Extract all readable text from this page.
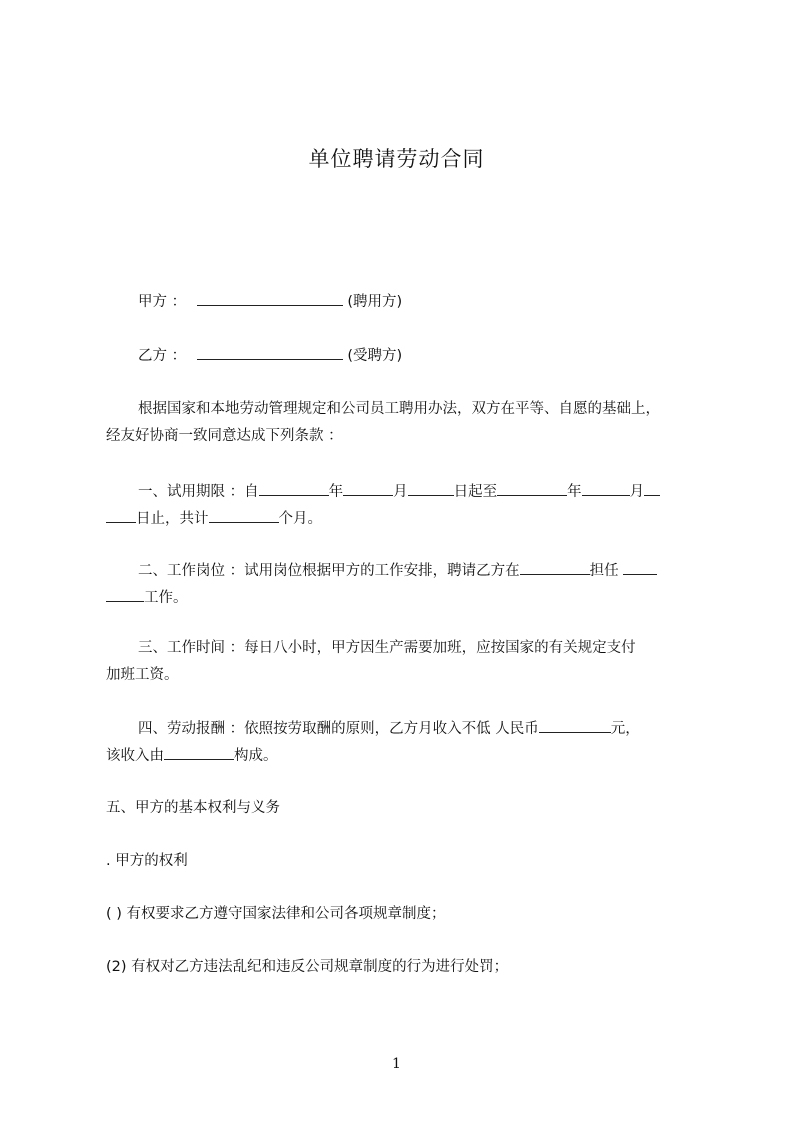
单位聘请劳动合同
甲方 ：	(聘用方)
乙方 ：	(受聘方)
根据国家和本地劳动管理规定和公司员工聘用办法，双方在平等、自愿的基础上，
经友好协商一致同意达成下列条款 ：
一、试用期限 ：自	年	月	日起至	年	月
日止，共计	个月。
二、工作岗位 ：试用岗位根据甲方的工作安排，聘请乙方在	担任
工作。
三、工作时间 ：每日八小时，甲方因生产需要加班，应按国家的有关规定支付
加班工资。
四、劳动报酬 ：依照按劳取酬的原则，乙方月收入不低 人民币	元，
该收入由	构成。
五、甲方的基本权利与义务
. 甲方的权利
( ) 有权要求乙方遵守国家法律和公司各项规章制度；
(2) 有权对乙方违法乱纪和违反公司规章制度的行为进行处罚；
1
